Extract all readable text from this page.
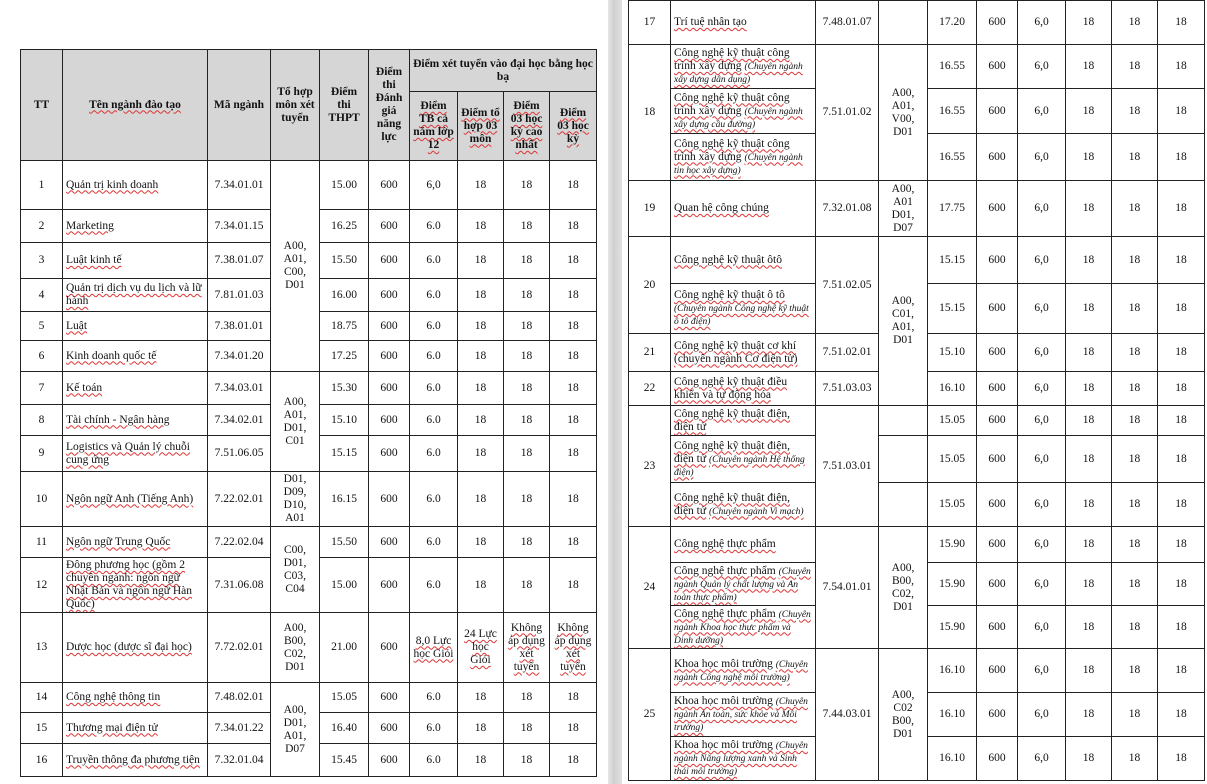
TT	Tên ngành đào tạo	Mã ngành	Tổ hợp môn xét tuyển	Điểm thi THPT	Điểm thi Đánh giá năng lực	Điểm xét tuyển vào đại học bằng học bạ			
						Điểm TB cả năm lớp 12	Điểm tổ hợp 03 môn	Điểm 03 học kỳ cao nhất	Điểm 03 học kỳ
1	Quản trị kinh doanh	7.34.01.01	A00, A01, C00, D01	15.00	600	6,0	18	18	18
2	Marketing	7.34.01.15		16.25	600	6.0	18	18	18
3	Luật kinh tế	7.38.01.07		15.50	600	6.0	18	18	18
4	Quản trị dịch vụ du lịch và lữ hành	7.81.01.03		16.00	600	6.0	18	18	18
5	Luật	7.38.01.01		18.75	600	6.0	18	18	18
6	Kinh doanh quốc tế	7.34.01.20		17.25	600	6.0	18	18	18
7	Kế toán	7.34.03.01	A00, A01, D01, C01	15.30	600	6.0	18	18	18
8	Tài chính - Ngân hàng	7.34.02.01		15.10	600	6.0	18	18	18
9	Logistics và Quản lý chuỗi cung ứng	7.51.06.05		15.15	600	6.0	18	18	18
10	Ngôn ngữ Anh (Tiếng Anh)	7.22.02.01	D01, D09, D10, A01	16.15	600	6.0	18	18	18
11	Ngôn ngữ Trung Quốc	7.22.02.04	C00, D01, C03, C04	15.50	600	6.0	18	18	18
12	Đông phương học (gồm 2 chuyên ngành: ngôn ngữ Nhật Bản và ngôn ngữ Hàn Quốc)	7.31.06.08		15.00	600	6.0	18	18	18
13	Dược học (dược sĩ đại học)	7.72.02.01	A00, B00, C02, D01	21.00	600	8,0 Lực học Giỏi	24 Lực học Giỏi	Không áp dụng xét tuyển	Không áp dụng xét tuyển
14	Công nghệ thông tin	7.48.02.01	A00, D01, A01, D07	15.05	600	6.0	18	18	18
15	Thương mại điện tử	7.34.01.22		16.40	600	6.0	18	18	18
16	Truyền thông đa phương tiện	7.32.01.04		15.45	600	6.0	18	18	18
17	Trí tuệ nhân tạo	7.48.01.07		17.20	600	6,0	18	18	18
18	Công nghệ kỹ thuật công trình xây dựng (Chuyên ngành xây dựng dân dụng)	7.51.01.02	A00, A01, V00, D01	16.55	600	6,0	18	18	18
	Công nghệ kỹ thuật công trình xây dựng (Chuyên ngành xây dựng cầu đường)			16.55	600	6,0	18	18	18
	Công nghệ kỹ thuật công trình xây dựng (Chuyên ngành tin học xây dựng)			16.55	600	6,0	18	18	18
19	Quan hệ công chúng	7.32.01.08	A00, A01 D01, D07	17.75	600	6,0	18	18	18
20	Công nghệ kỹ thuật ôtô	7.51.02.05	A00, C01, A01, D01	15.15	600	6,0	18	18	18
	Công nghệ kỹ thuật ô tô (Chuyên ngành Công nghệ kỹ thuật ô tô điện)			15.15	600	6,0	18	18	18
21	Công nghệ kỹ thuật cơ khí (chuyên ngành Cơ điện tử)	7.51.02.01		15.10	600	6,0	18	18	18
22	Công nghệ kỹ thuật điều khiển và tự động hóa	7.51.03.03		16.10	600	6,0	18	18	18
23	Công nghệ kỹ thuật điện, điện tử	7.51.03.01		15.05	600	6,0	18	18	18
	Công nghệ kỹ thuật điện, điện tử (Chuyên ngành Hệ thống điện)			15.05	600	6,0	18	18	18
	Công nghệ kỹ thuật điện, điện tử (Chuyên ngành Vi mạch)			15.05	600	6,0	18	18	18
24	Công nghệ thực phẩm	7.54.01.01	A00, B00, C02, D01	15.90	600	6,0	18	18	18
	Công nghệ thực phẩm (Chuyên ngành Quản lý chất lượng và An toàn thực phẩm)			15.90	600	6,0	18	18	18
	Công nghệ thực phẩm (Chuyên ngành Khoa học thực phẩm và Dinh dưỡng)			15.90	600	6,0	18	18	18
25	Khoa học môi trường (Chuyên ngành Công nghệ môi trường)	7.44.03.01	A00, C02 B00, D01	16.10	600	6,0	18	18	18
	Khoa học môi trường (Chuyên ngành An toàn, sức khỏe và Môi trường)			16.10	600	6,0	18	18	18
	Khoa học môi trường (Chuyên ngành Năng lượng xanh và Sinh thái môi trường)			16.10	600	6,0	18	18	18
